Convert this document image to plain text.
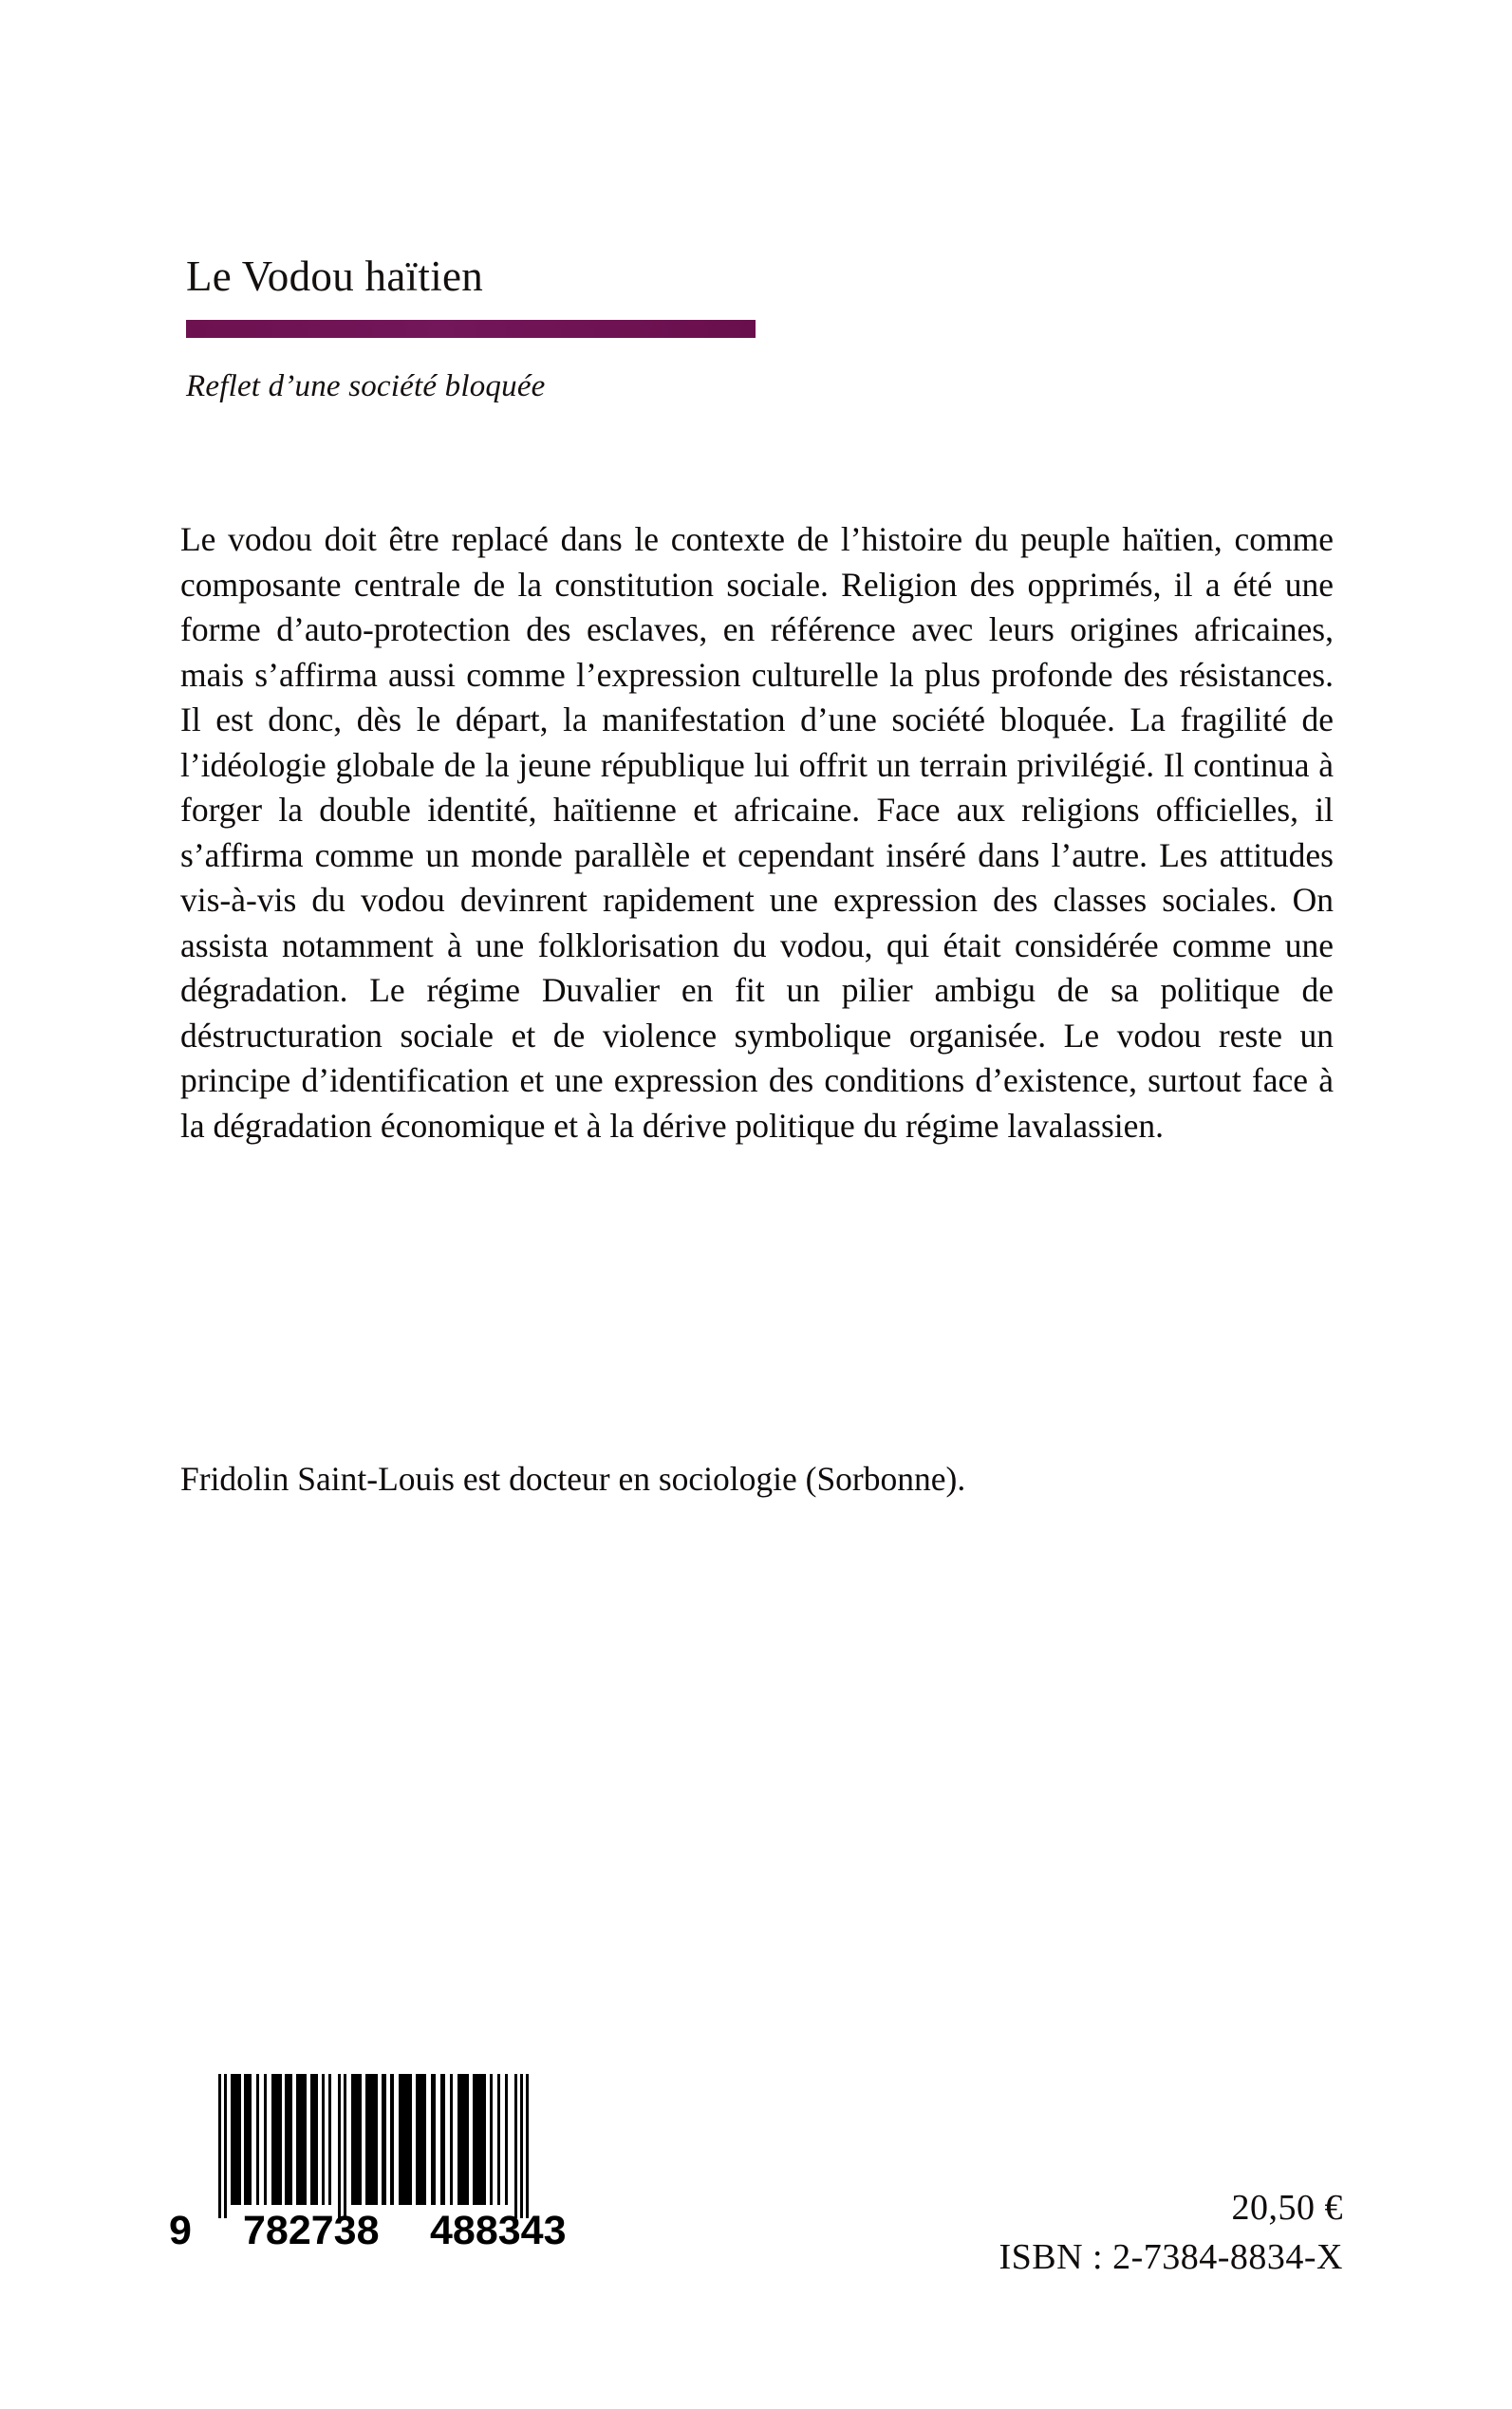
Le Vodou haïtien
Reflet d’une société bloquée

Le vodou doit être replacé dans le contexte de l’histoire du peuple haïtien, comme composante centrale de la constitution sociale. Religion des opprimés, il a été une forme d’auto-protection des esclaves, en référence avec leurs origines africaines, mais s’affirma aussi comme l’expression culturelle la plus profonde des résistances. Il est donc, dès le départ, la manifestation d’une société bloquée. La fragilité de l’idéologie globale de la jeune république lui offrit un terrain privilégié. Il continua à forger la double identité, haïtienne et africaine. Face aux religions officielles, il s’affirma comme un monde parallèle et cependant inséré dans l’autre. Les attitudes vis-à-vis du vodou devinrent rapidement une expression des classes sociales. On assista notamment à une folklorisation du vodou, qui était considérée comme une dégradation. Le régime Duvalier en fit un pilier ambigu de sa politique de déstructuration sociale et de violence symbolique organisée. Le vodou reste un principe d’identification et une expression des conditions d’existence, surtout face à la dégradation économique et à la dérive politique du régime lavalassien.

Fridolin Saint-Louis est docteur en sociologie (Sorbonne).

9 782738	488343	20,50 €
ISBN : 2-7384-8834-X
